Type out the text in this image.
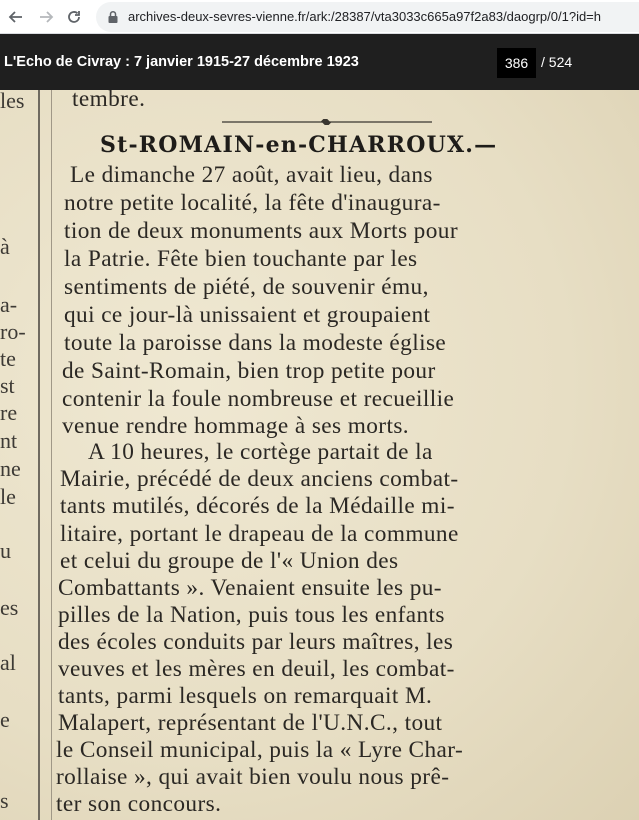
archives-deux-sevres-vienne.fr/ark:/28387/vta3033c665a97f2a83/daogrp/0/1?id=h
L'Echo de Civray : 7 janvier 1915-27 décembre 1923	386 / 524
les
à
a-
ro-
te
st
re
nt
ne
le
u
es
al
e
s
tembre.
St-ROMAIN-en-CHARROUX.—
Le dimanche 27 août, avait lieu, dans
notre petite localité, la fête d'inaugura-
tion de deux monuments aux Morts pour
la Patrie. Fête bien touchante par les
sentiments de piété, de souvenir ému,
qui ce jour-là unissaient et groupaient
toute la paroisse dans la modeste église
de Saint-Romain, bien trop petite pour
contenir la foule nombreuse et recueillie
venue rendre hommage à ses morts.
A 10 heures, le cortège partait de la
Mairie, précédé de deux anciens combat-
tants mutilés, décorés de la Médaille mi-
litaire, portant le drapeau de la commune
et celui du groupe de l'« Union des
Combattants ». Venaient ensuite les pu-
pilles de la Nation, puis tous les enfants
des écoles conduits par leurs maîtres, les
veuves et les mères en deuil, les combat-
tants, parmi lesquels on remarquait M.
Malapert, représentant de l'U.N.C., tout
le Conseil municipal, puis la « Lyre Char-
rollaise », qui avait bien voulu nous prê-
ter son concours.
